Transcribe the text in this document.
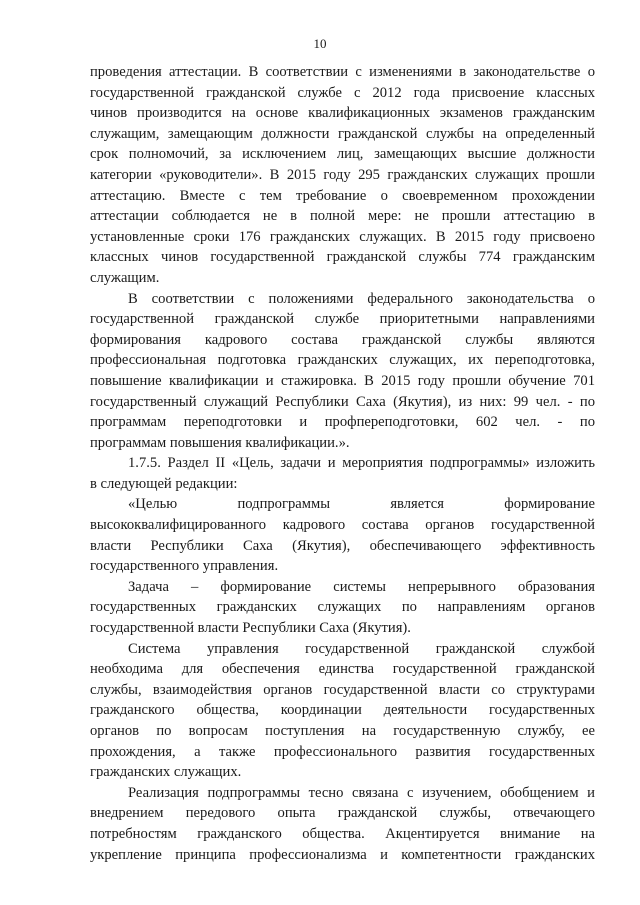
10
проведения аттестации. В соответствии с изменениями в законодательстве о
государственной гражданской службе с 2012 года присвоение классных
чинов производится на основе квалификационных экзаменов гражданским
служащим, замещающим должности гражданской службы на определенный
срок полномочий, за исключением лиц, замещающих высшие должности
категории «руководители». В 2015 году 295 гражданских служащих прошли
аттестацию. Вместе с тем требование о своевременном прохождении
аттестации соблюдается не в полной мере: не прошли аттестацию в
установленные сроки 176 гражданских служащих. В 2015 году присвоено
классных чинов государственной гражданской службы 774 гражданским
служащим.
В соответствии с положениями федерального законодательства о
государственной гражданской службе приоритетными направлениями
формирования кадрового состава гражданской службы являются
профессиональная подготовка гражданских служащих, их переподготовка,
повышение квалификации и стажировка. В 2015 году прошли обучение 701
государственный служащий Республики Саха (Якутия), из них: 99 чел. - по
программам переподготовки и профпереподготовки, 602 чел. - по
программам повышения квалификации.».
1.7.5. Раздел II «Цель, задачи и мероприятия подпрограммы» изложить
в следующей редакции:
«Целью подпрограммы является формирование
высококвалифицированного кадрового состава органов государственной
власти Республики Саха (Якутия), обеспечивающего эффективность
государственного управления.
Задача – формирование системы непрерывного образования
государственных гражданских служащих по направлениям органов
государственной власти Республики Саха (Якутия).
Система управления государственной гражданской службой
необходима для обеспечения единства государственной гражданской
службы, взаимодействия органов государственной власти со структурами
гражданского общества, координации деятельности государственных
органов по вопросам поступления на государственную службу, ее
прохождения, а также профессионального развития государственных
гражданских служащих.
Реализация подпрограммы тесно связана с изучением, обобщением и
внедрением передового опыта гражданской службы, отвечающего
потребностям гражданского общества. Акцентируется внимание на
укрепление принципа профессионализма и компетентности гражданских
